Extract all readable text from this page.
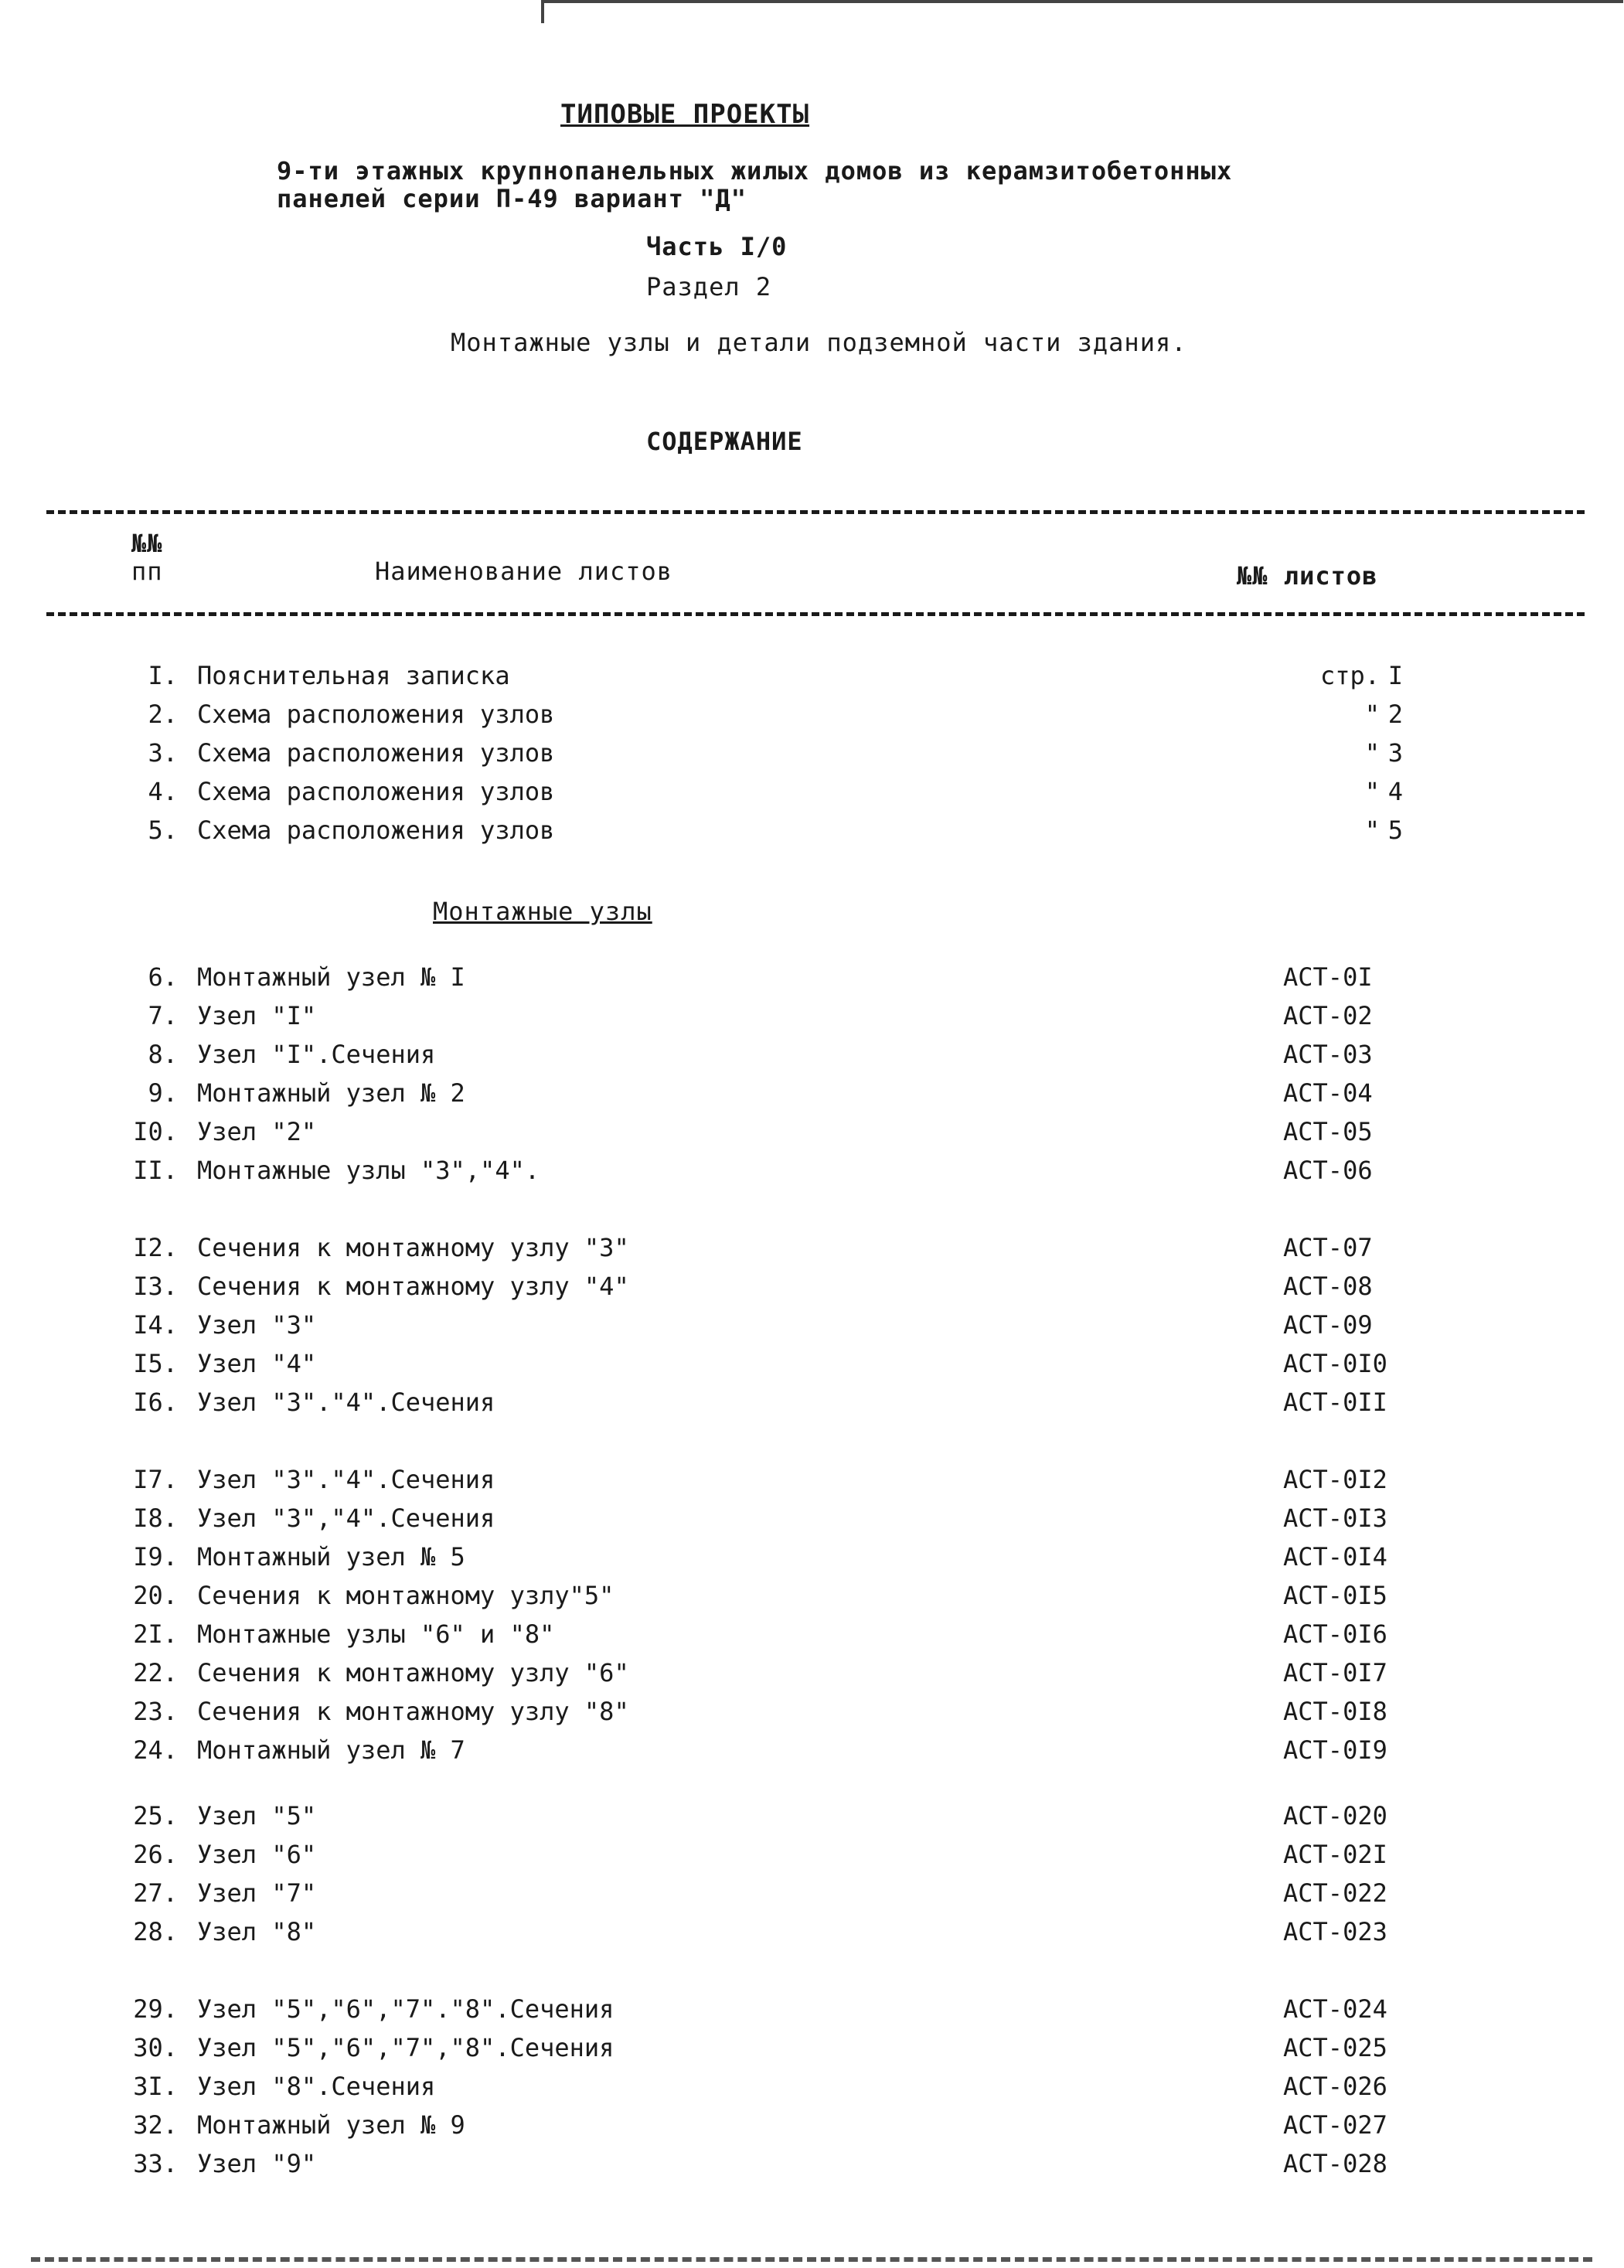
ТИПОВЫЕ ПРОЕКТЫ
9-ти этажных крупнопанельных жилых домов из керамзитобетонных
панелей серии П-49 вариант "Д"
Часть I/0
Раздел 2
Монтажные узлы и детали подземной части здания.
СОДЕРЖАНИЕ
№№
пп	Наименование листов	№№ листов
I. Пояснительная записка	стр. I
2. Схема расположения узлов	" 2
3. Схема расположения узлов	" 3
4. Схема расположения узлов	" 4
5. Схема расположения узлов	" 5
Монтажные узлы
6. Монтажный узел № I	АСТ-0I
7. Узел "I"	АСТ-02
8. Узел "I".Сечения	АСТ-03
9. Монтажный узел № 2	АСТ-04
I0. Узел "2"	АСТ-05
II. Монтажные узлы "3","4".	АСТ-06
I2. Сечения к монтажному узлу "3"	АСТ-07
I3. Сечения к монтажному узлу "4"	АСТ-08
I4. Узел "3"	АСТ-09
I5. Узел "4"	АСТ-0I0
I6. Узел "3"."4".Сечения	АСТ-0II
I7. Узел "3"."4".Сечения	АСТ-0I2
I8. Узел "3","4".Сечения	АСТ-0I3
I9. Монтажный узел № 5	АСТ-0I4
20. Сечения к монтажному узлу"5"	АСТ-0I5
2I. Монтажные узлы "6" и "8"	АСТ-0I6
22. Сечения к монтажному узлу "6"	АСТ-0I7
23. Сечения к монтажному узлу "8"	АСТ-0I8
24. Монтажный узел № 7	АСТ-0I9
25. Узел "5"	АСТ-020
26. Узел "6"	АСТ-02I
27. Узел "7"	АСТ-022
28. Узел "8"	АСТ-023
29. Узел "5","6","7"."8".Сечения	АСТ-024
30. Узел "5","6","7","8".Сечения	АСТ-025
3I. Узел "8".Сечения	АСТ-026
32. Монтажный узел № 9	АСТ-027
33. Узел "9"	АСТ-028
